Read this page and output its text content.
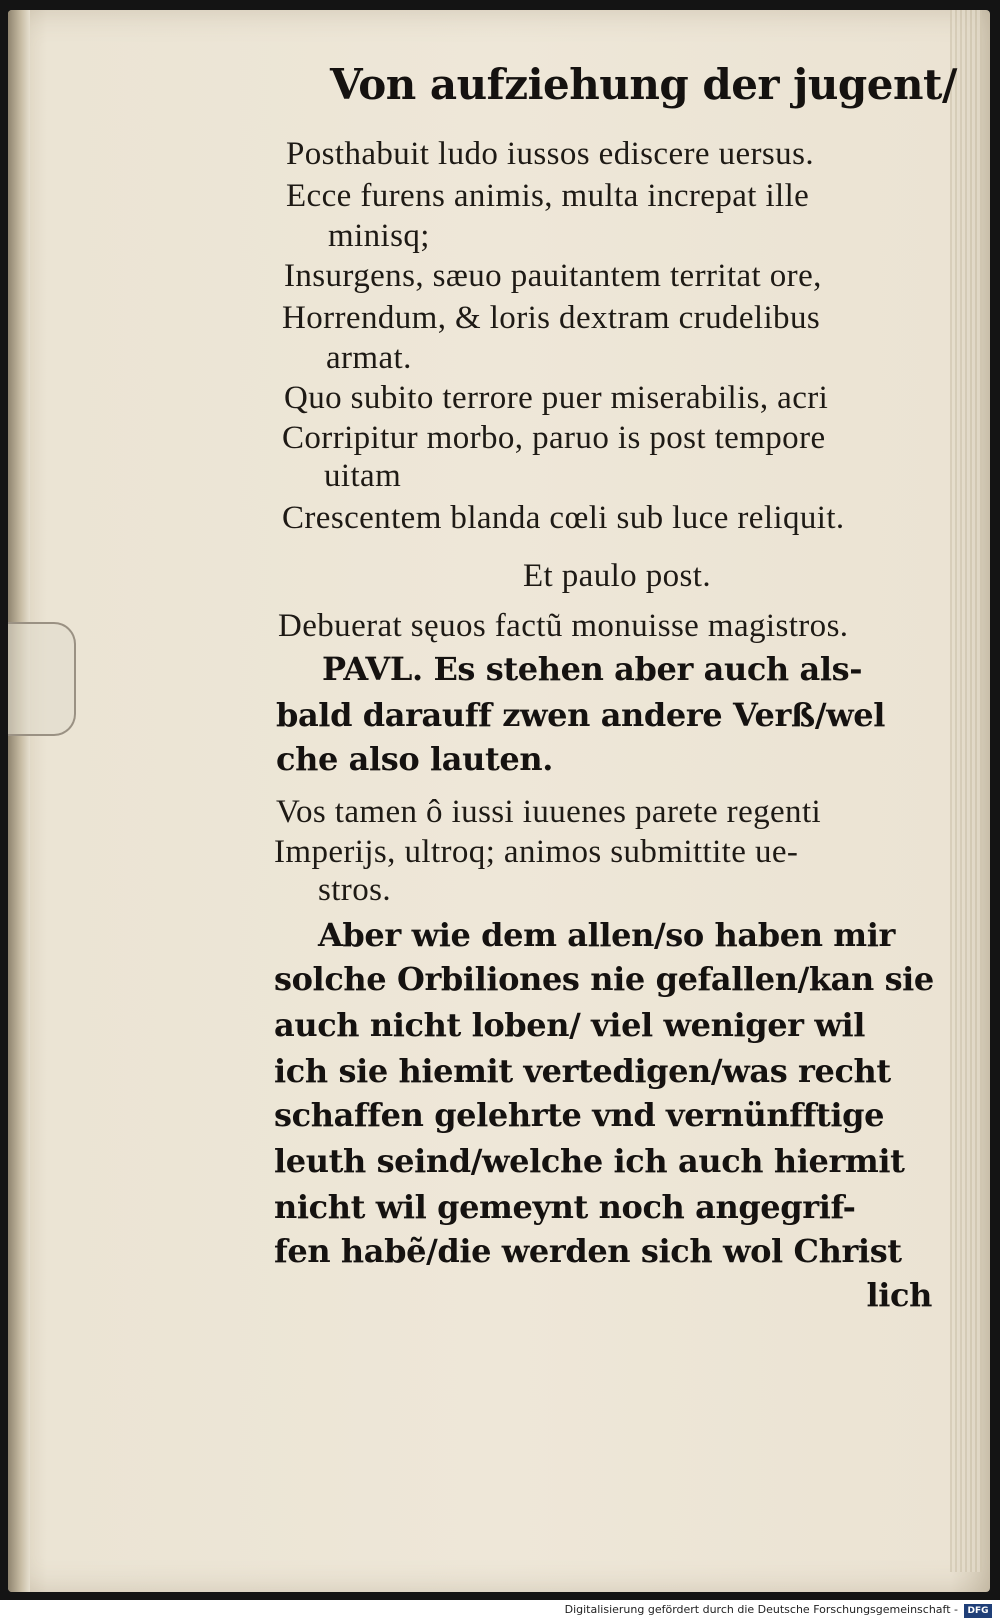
Von aufziehung der jugent/
Posthabuit ludo iussos ediscere uersus.
Ecce furens animis, multa increpat ille
minisq;
Insurgens, sæuo pauitantem territat ore,
Horrendum, & loris dextram crudelibus
armat.
Quo subito terrore puer miserabilis, acri
Corripitur morbo, paruo is post tempore
uitam
Crescentem blanda cœli sub luce reliquit.
Et paulo post.
Debuerat sęuos factũ monuisse magistros.
PAVL. Es stehen aber auch als-
bald darauff zwen andere Verß/wel
che also lauten.
Vos tamen ô iussi iuuenes parete regenti
Imperijs, ultroq; animos submittite ue-
stros.
Aber wie dem allen/so haben mir
solche Orbiliones nie gefallen/kan sie
auch nicht loben/ viel weniger wil
ich sie hiemit vertedigen/was recht
schaffen gelehrte vnd vernünfftige
leuth seind/welche ich auch hiermit
nicht wil gemeynt noch angegrif-
fen habẽ/die werden sich wol Christ
lich
Digitalisierung gefördert durch die Deutsche Forschungsgemeinschaft -	DFG
